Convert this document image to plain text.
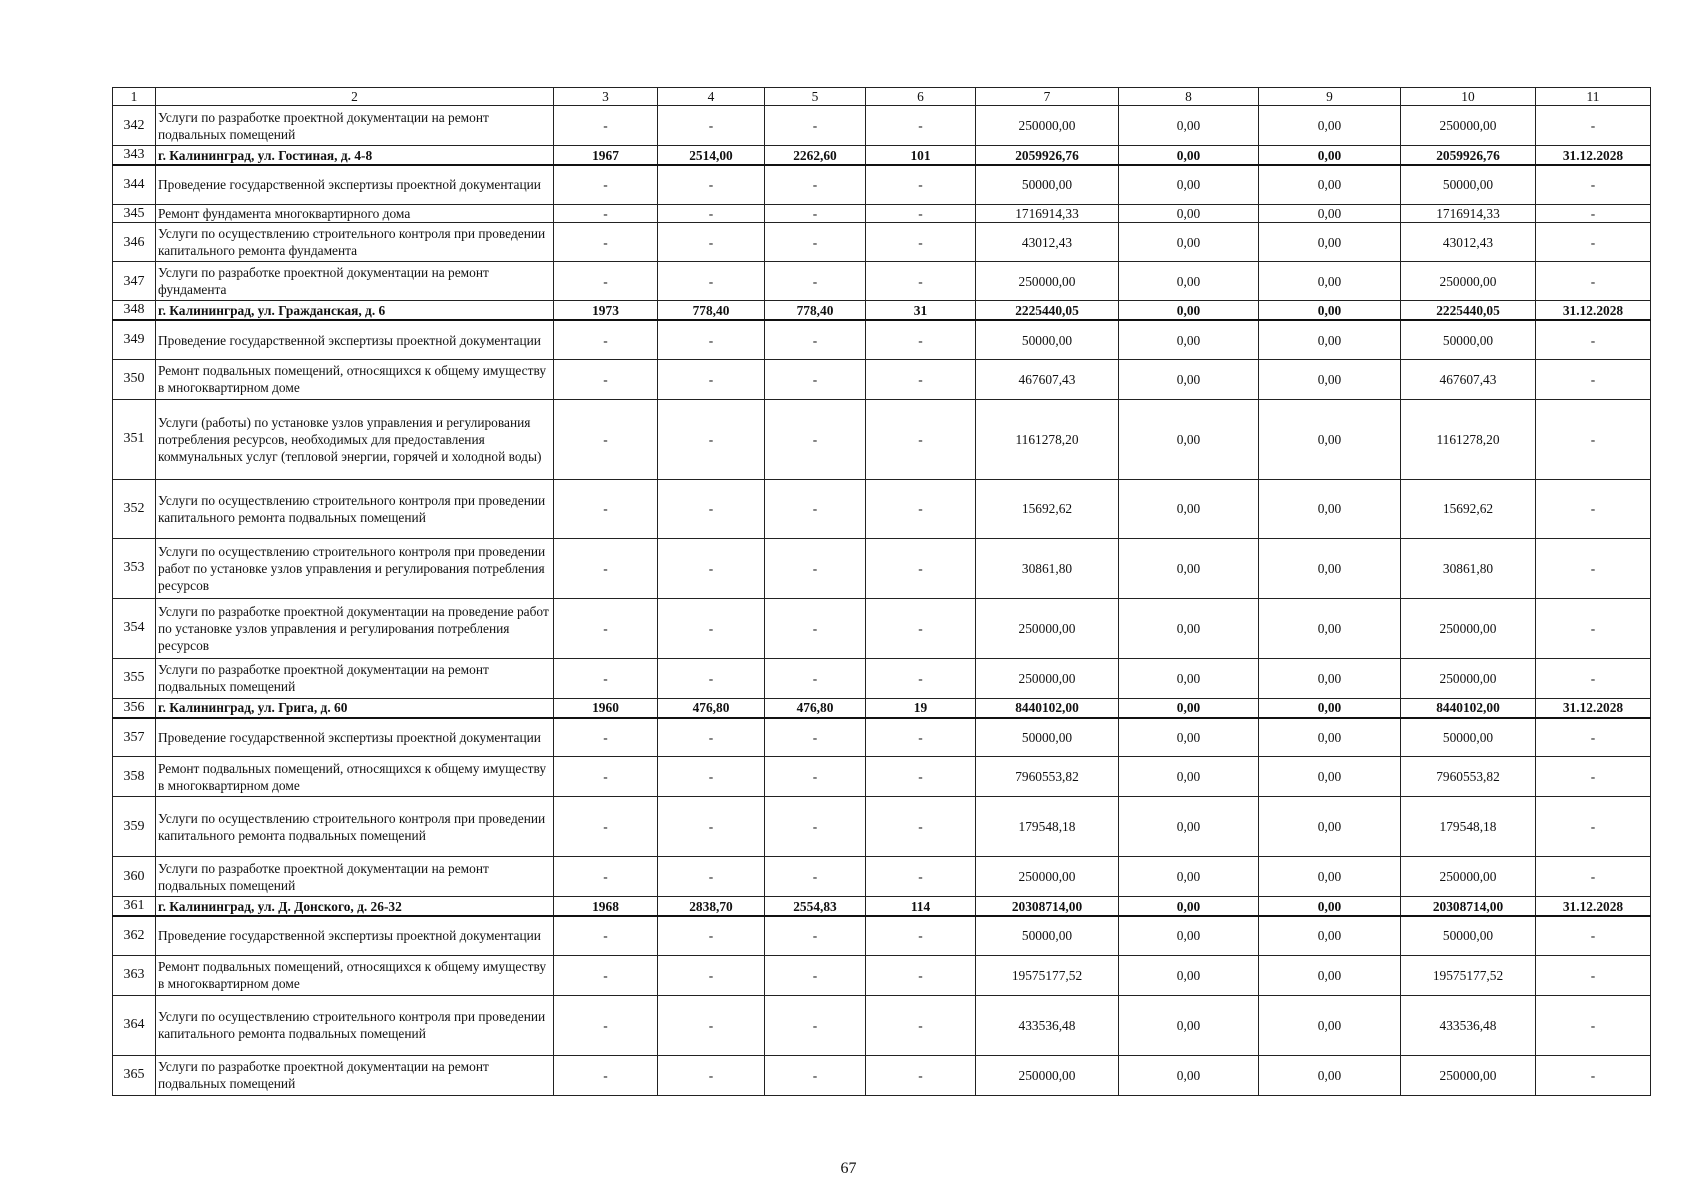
1	2	3	4	5	6	7	8	9	10	11
342	Услуги по разработке проектной документации на ремонт подвальных помещений	-	-	-	-	250000,00	0,00	0,00	250000,00	-
343	г. Калининград, ул. Гостиная, д. 4-8	1967	2514,00	2262,60	101	2059926,76	0,00	0,00	2059926,76	31.12.2028
344	Проведение государственной экспертизы проектной документации	-	-	-	-	50000,00	0,00	0,00	50000,00	-
345	Ремонт фундамента многоквартирного дома	-	-	-	-	1716914,33	0,00	0,00	1716914,33	-
346	Услуги по осуществлению строительного контроля при проведении капитального ремонта фундамента	-	-	-	-	43012,43	0,00	0,00	43012,43	-
347	Услуги по разработке проектной документации на ремонт фундамента	-	-	-	-	250000,00	0,00	0,00	250000,00	-
348	г. Калининград, ул. Гражданская, д. 6	1973	778,40	778,40	31	2225440,05	0,00	0,00	2225440,05	31.12.2028
349	Проведение государственной экспертизы проектной документации	-	-	-	-	50000,00	0,00	0,00	50000,00	-
350	Ремонт подвальных помещений, относящихся к общему имуществу в многоквартирном доме	-	-	-	-	467607,43	0,00	0,00	467607,43	-
351	Услуги (работы) по установке узлов управления и регулирования потребления ресурсов, необходимых для предоставления коммунальных услуг (тепловой энергии, горячей и холодной воды)	-	-	-	-	1161278,20	0,00	0,00	1161278,20	-
352	Услуги по осуществлению строительного контроля при проведении капитального ремонта подвальных помещений	-	-	-	-	15692,62	0,00	0,00	15692,62	-
353	Услуги по осуществлению строительного контроля при проведении работ по установке узлов управления и регулирования потребления ресурсов	-	-	-	-	30861,80	0,00	0,00	30861,80	-
354	Услуги по разработке проектной документации на проведение работ по установке узлов управления и регулирования потребления ресурсов	-	-	-	-	250000,00	0,00	0,00	250000,00	-
355	Услуги по разработке проектной документации на ремонт подвальных помещений	-	-	-	-	250000,00	0,00	0,00	250000,00	-
356	г. Калининград, ул. Грига, д. 60	1960	476,80	476,80	19	8440102,00	0,00	0,00	8440102,00	31.12.2028
357	Проведение государственной экспертизы проектной документации	-	-	-	-	50000,00	0,00	0,00	50000,00	-
358	Ремонт подвальных помещений, относящихся к общему имуществу в многоквартирном доме	-	-	-	-	7960553,82	0,00	0,00	7960553,82	-
359	Услуги по осуществлению строительного контроля при проведении капитального ремонта подвальных помещений	-	-	-	-	179548,18	0,00	0,00	179548,18	-
360	Услуги по разработке проектной документации на ремонт подвальных помещений	-	-	-	-	250000,00	0,00	0,00	250000,00	-
361	г. Калининград, ул. Д. Донского, д. 26-32	1968	2838,70	2554,83	114	20308714,00	0,00	0,00	20308714,00	31.12.2028
362	Проведение государственной экспертизы проектной документации	-	-	-	-	50000,00	0,00	0,00	50000,00	-
363	Ремонт подвальных помещений, относящихся к общему имуществу в многоквартирном доме	-	-	-	-	19575177,52	0,00	0,00	19575177,52	-
364	Услуги по осуществлению строительного контроля при проведении капитального ремонта подвальных помещений	-	-	-	-	433536,48	0,00	0,00	433536,48	-
365	Услуги по разработке проектной документации на ремонт подвальных помещений	-	-	-	-	250000,00	0,00	0,00	250000,00	-
67
